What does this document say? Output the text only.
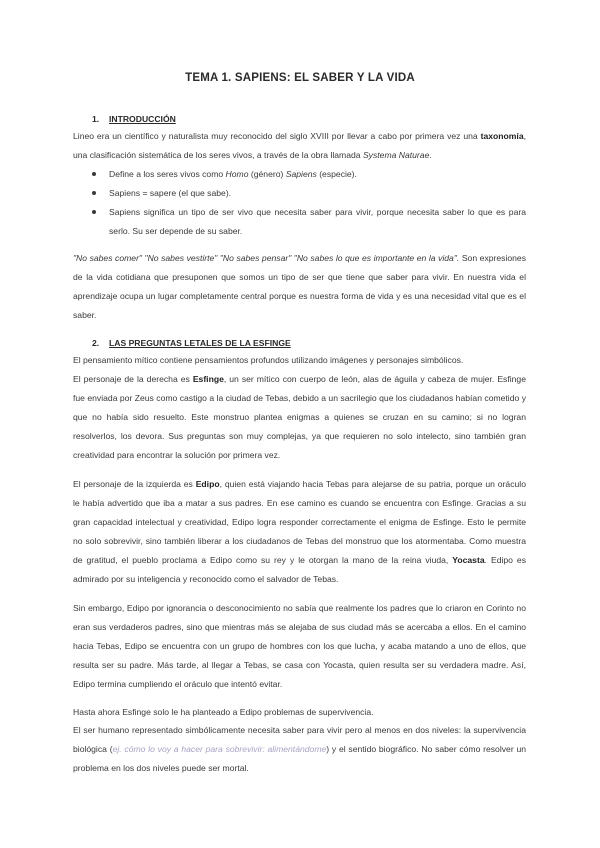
TEMA 1. SAPIENS: EL SABER Y LA VIDA
1. INTRODUCCIÓN

Lineo era un científico y naturalista muy reconocido del siglo XVIII por llevar a cabo por primera vez una taxonomía, una clasificación sistemática de los seres vivos, a través de la obra llamada Systema Naturae.

Define a los seres vivos como Homo (género) Sapiens (especie).
Sapiens = sapere (el que sabe).
Sapiens significa un tipo de ser vivo que necesita saber para vivir, porque necesita saber lo que es para serlo. Su ser depende de su saber.

"No sabes comer" "No sabes vestirte" "No sabes pensar" "No sabes lo que es importante en la vida". Son expresiones de la vida cotidiana que presuponen que somos un tipo de ser que tiene que saber para vivir. En nuestra vida el aprendizaje ocupa un lugar completamente central porque es nuestra forma de vida y es una necesidad vital que es el saber.

2. LAS PREGUNTAS LETALES DE LA ESFINGE

El pensamiento mítico contiene pensamientos profundos utilizando imágenes y personajes simbólicos.

El personaje de la derecha es Esfinge, un ser mítico con cuerpo de león, alas de águila y cabeza de mujer. Esfinge fue enviada por Zeus como castigo a la ciudad de Tebas, debido a un sacrilegio que los ciudadanos habían cometido y que no había sido resuelto. Este monstruo plantea enigmas a quienes se cruzan en su camino; si no logran resolverlos, los devora. Sus preguntas son muy complejas, ya que requieren no solo intelecto, sino también gran creatividad para encontrar la solución por primera vez.

El personaje de la izquierda es Edipo, quien está viajando hacia Tebas para alejarse de su patria, porque un oráculo le había advertido que iba a matar a sus padres. En ese camino es cuando se encuentra con Esfinge. Gracias a su gran capacidad intelectual y creatividad, Edipo logra responder correctamente el enigma de Esfinge. Esto le permite no solo sobrevivir, sino también liberar a los ciudadanos de Tebas del monstruo que los atormentaba. Como muestra de gratitud, el pueblo proclama a Edipo como su rey y le otorgan la mano de la reina viuda, Yocasta. Edipo es admirado por su inteligencia y reconocido como el salvador de Tebas.

Sin embargo, Edipo por ignorancia o desconocimiento no sabía que realmente los padres que lo criaron en Corinto no eran sus verdaderos padres, sino que mientras más se alejaba de sus ciudad más se acercaba a ellos. En el camino hacia Tebas, Edipo se encuentra con un grupo de hombres con los que lucha, y acaba matando a uno de ellos, que resulta ser su padre. Más tarde, al llegar a Tebas, se casa con Yocasta, quien resulta ser su verdadera madre. Así, Edipo termina cumpliendo el oráculo que intentó evitar.

Hasta ahora Esfinge solo le ha planteado a Edipo problemas de supervivencia.

El ser humano representado simbólicamente necesita saber para vivir pero al menos en dos niveles: la supervivencia biológica (ej. cómo lo voy a hacer para sobrevivir: alimentándome) y el sentido biográfico. No saber cómo resolver un problema en los dos niveles puede ser mortal.
